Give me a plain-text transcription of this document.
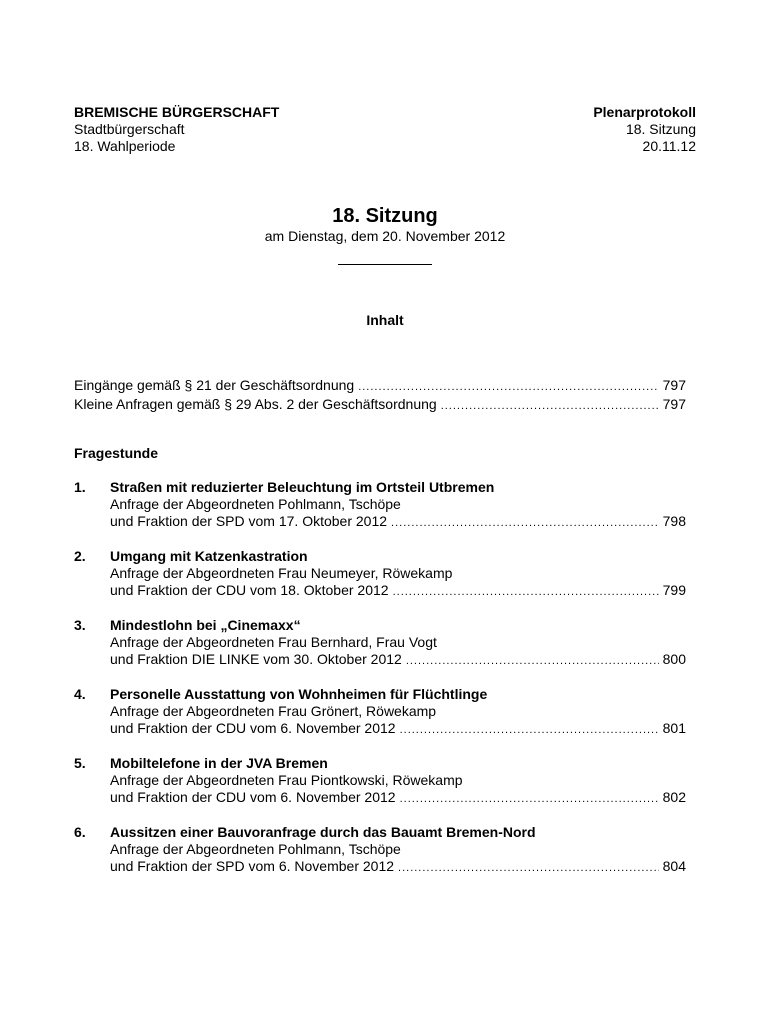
BREMISCHE BÜRGERSCHAFT
Stadtbürgerschaft
18. Wahlperiode
Plenarprotokoll
18. Sitzung
20.11.12
18. Sitzung
am Dienstag, dem 20. November 2012
Inhalt
Eingänge gemäß § 21 der Geschäftsordnung .....	797
Kleine Anfragen gemäß § 29 Abs. 2 der Geschäftsordnung .....	797
Fragestunde
1. Straßen mit reduzierter Beleuchtung im Ortsteil Utbremen
Anfrage der Abgeordneten Pohlmann, Tschöpe
und Fraktion der SPD vom 17. Oktober 2012 .....	798
2. Umgang mit Katzenkastration
Anfrage der Abgeordneten Frau Neumeyer, Röwekamp
und Fraktion der CDU vom 18. Oktober 2012 .....	799
3. Mindestlohn bei „Cinemaxx“
Anfrage der Abgeordneten Frau Bernhard, Frau Vogt
und Fraktion DIE LINKE vom 30. Oktober 2012 .....	800
4. Personelle Ausstattung von Wohnheimen für Flüchtlinge
Anfrage der Abgeordneten Frau Grönert, Röwekamp
und Fraktion der CDU vom 6. November 2012 .....	801
5. Mobiltelefone in der JVA Bremen
Anfrage der Abgeordneten Frau Piontkowski, Röwekamp
und Fraktion der CDU vom 6. November 2012 .....	802
6. Aussitzen einer Bauvoranfrage durch das Bauamt Bremen-Nord
Anfrage der Abgeordneten Pohlmann, Tschöpe
und Fraktion der SPD vom 6. November 2012 .....	804
